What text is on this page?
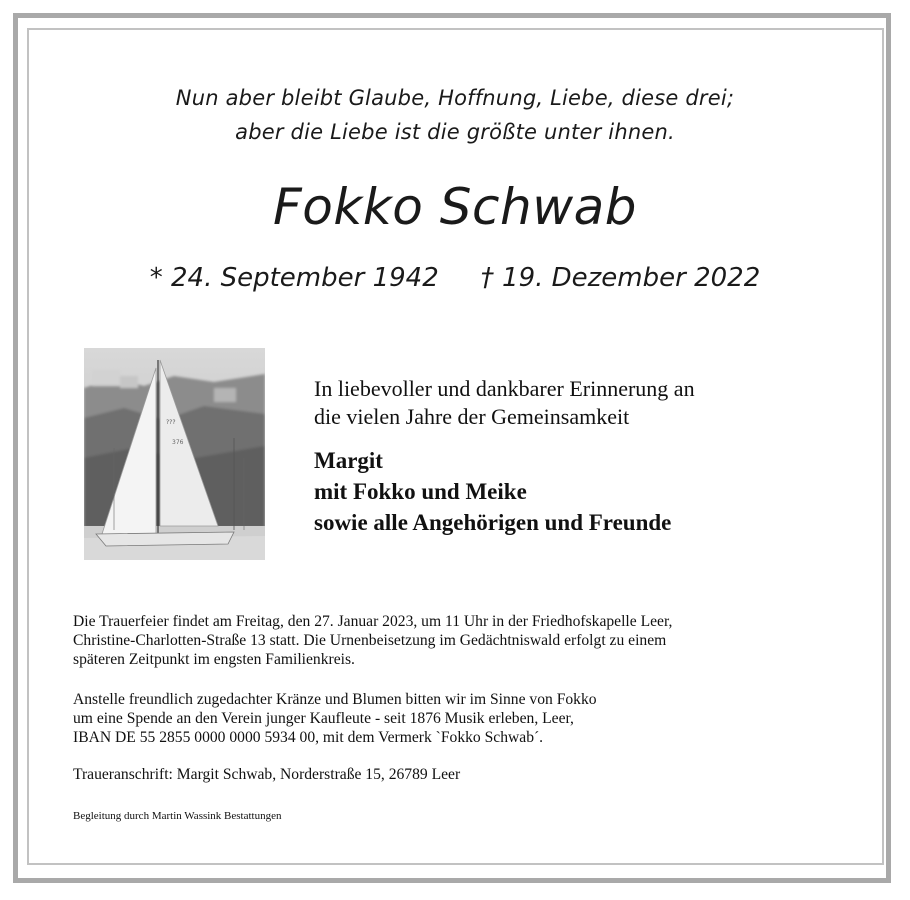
Nun aber bleibt Glaube, Hoffnung, Liebe, diese drei;
aber die Liebe ist die größte unter ihnen.
Fokko Schwab
* 24. September 1942 † 19. Dezember 2022
???
376
In liebevoller und dankbarer Erinnerung an
die vielen Jahre der Gemeinsamkeit
Margit
mit Fokko und Meike
sowie alle Angehörigen und Freunde
Die Trauerfeier findet am Freitag, den 27. Januar 2023, um 11 Uhr in der Friedhofskapelle Leer,
Christine-Charlotten-Straße 13 statt. Die Urnenbeisetzung im Gedächtniswald erfolgt zu einem
späteren Zeitpunkt im engsten Familienkreis.
Anstelle freundlich zugedachter Kränze und Blumen bitten wir im Sinne von Fokko
um eine Spende an den Verein junger Kaufleute - seit 1876 Musik erleben, Leer,
IBAN DE 55 2855 0000 0000 5934 00, mit dem Vermerk `Fokko Schwab´.
Traueranschrift: Margit Schwab, Norderstraße 15, 26789 Leer
Begleitung durch Martin Wassink Bestattungen
